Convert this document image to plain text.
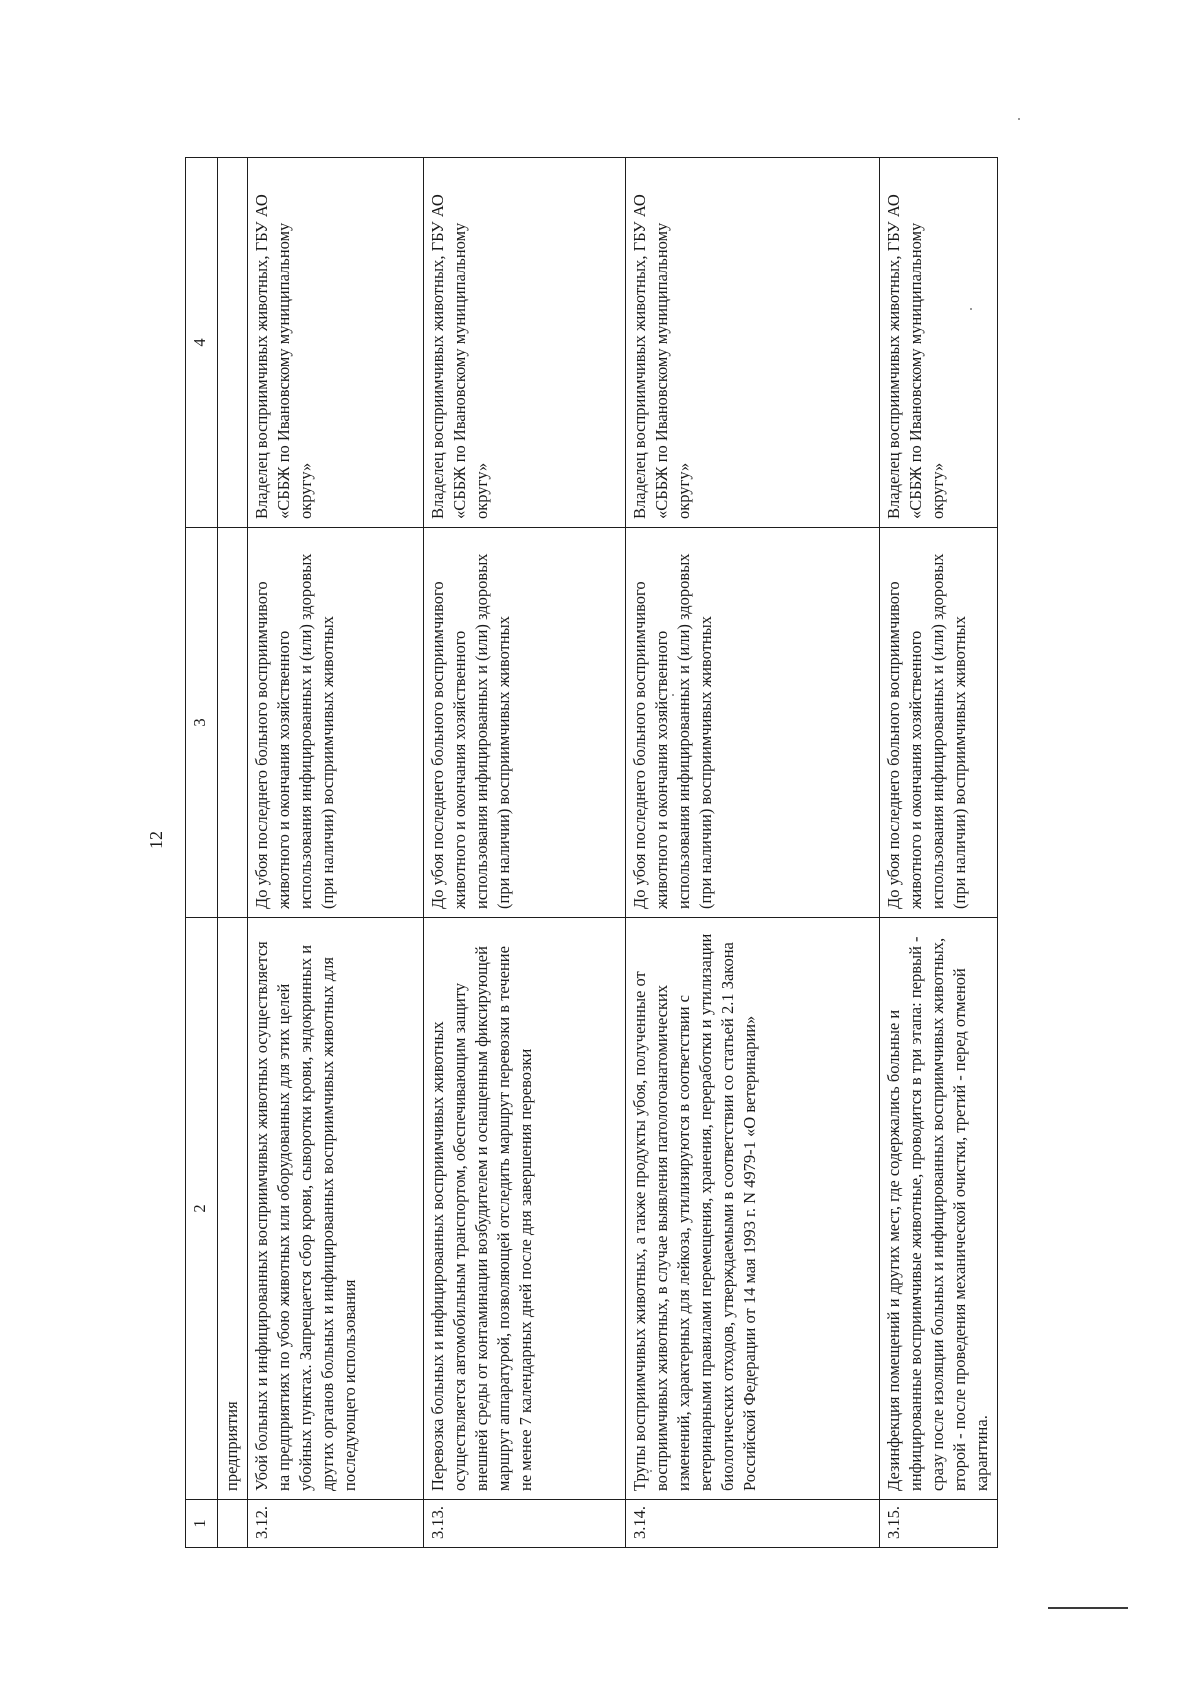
12
1	2	3	4
	предприятия		
3.12.	Убой больных и инфицированных восприимчивых животных осуществляется на предприятиях по убою животных или оборудованных для этих целей убойных пунктах. Запрещается сбор крови, сыворотки крови, эндокринных и других органов больных и инфицированных восприимчивых животных для последующего использования	До убоя последнего больного восприимчивого животного и окончания хозяйственного использования инфицированных и (или) здоровых (при наличии) восприимчивых животных	Владелец восприимчивых животных, ГБУ АО «СББЖ по Ивановскому муниципальному округу»
3.13.	Перевозка больных и инфицированных восприимчивых животных осуществляется автомобильным транспортом, обеспечивающим защиту внешней среды от контаминации возбудителем и оснащенным фиксирующей маршрут аппаратурой, позволяющей отследить маршрут перевозки в течение не менее 7 календарных дней после дня завершения перевозки	До убоя последнего больного восприимчивого животного и окончания хозяйственного использования инфицированных и (или) здоровых (при наличии) восприимчивых животных	Владелец восприимчивых животных, ГБУ АО «СББЖ по Ивановскому муниципальному округу»
3.14.	Трупы восприимчивых животных, а также продукты убоя, полученные от восприимчивых животных, в случае выявления патологоанатомических изменений, характерных для лейкоза, утилизируются в соответствии с ветеринарными правилами перемещения, хранения, переработки и утилизации биологических отходов, утверждаемыми в соответствии со статьей 2.1 Закона Российской Федерации от 14 мая 1993 г. N 4979-1 «О ветеринарии»	До убоя последнего больного восприимчивого животного и окончания хозяйственного использования инфицированных и (или) здоровых (при наличии) восприимчивых животных	Владелец восприимчивых животных, ГБУ АО «СББЖ по Ивановскому муниципальному округу»
3.15.	Дезинфекция помещений и других мест, где содержались больные и инфицированные восприимчивые животные, проводится в три этапа: первый - сразу после изоляции больных и инфицированных восприимчивых животных, второй - после проведения механической очистки, третий - перед отменой карантина.	До убоя последнего больного восприимчивого животного и окончания хозяйственного использования инфицированных и (или) здоровых (при наличии) восприимчивых животных	Владелец восприимчивых животных, ГБУ АО «СББЖ по Ивановскому муниципальному округу»
